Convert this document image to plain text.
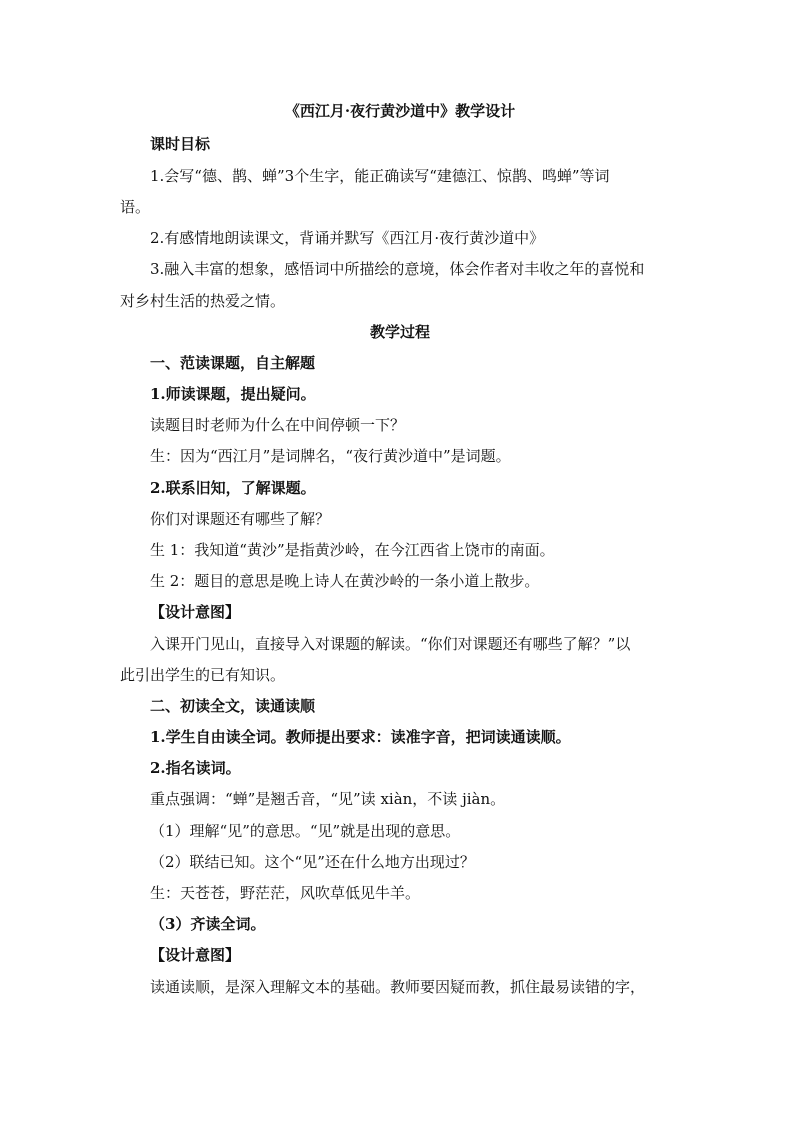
《西江月·夜行黄沙道中》教学设计
课时目标
1.会写“德、鹊、蝉”3个生字，能正确读写“建德江、惊鹊、鸣蝉”等词
语。
2.有感情地朗读课文，背诵并默写《西江月·夜行黄沙道中》
3.融入丰富的想象，感悟词中所描绘的意境，体会作者对丰收之年的喜悦和
对乡村生活的热爱之情。
教学过程
一、范读课题，自主解题
1.师读课题，提出疑问。
读题目时老师为什么在中间停顿一下？
生：因为“西江月”是词牌名，“夜行黄沙道中”是词题。
2.联系旧知，了解课题。
你们对课题还有哪些了解？
生 1：我知道“黄沙”是指黄沙岭，在今江西省上饶市的南面。
生 2：题目的意思是晚上诗人在黄沙岭的一条小道上散步。
【设计意图】
入课开门见山，直接导入对课题的解读。“你们对课题还有哪些了解？”以
此引出学生的已有知识。
二、初读全文，读通读顺
1.学生自由读全词。教师提出要求：读准字音，把词读通读顺。
2.指名读词。
重点强调：“蝉”是翘舌音，“见”读 xiàn，不读 jiàn。
（1）理解“见”的意思。“见”就是出现的意思。
（2）联结已知。这个“见”还在什么地方出现过？
生：天苍苍，野茫茫，风吹草低见牛羊。
（3）齐读全词。
【设计意图】
读通读顺，是深入理解文本的基础。教师要因疑而教，抓住最易读错的字，
